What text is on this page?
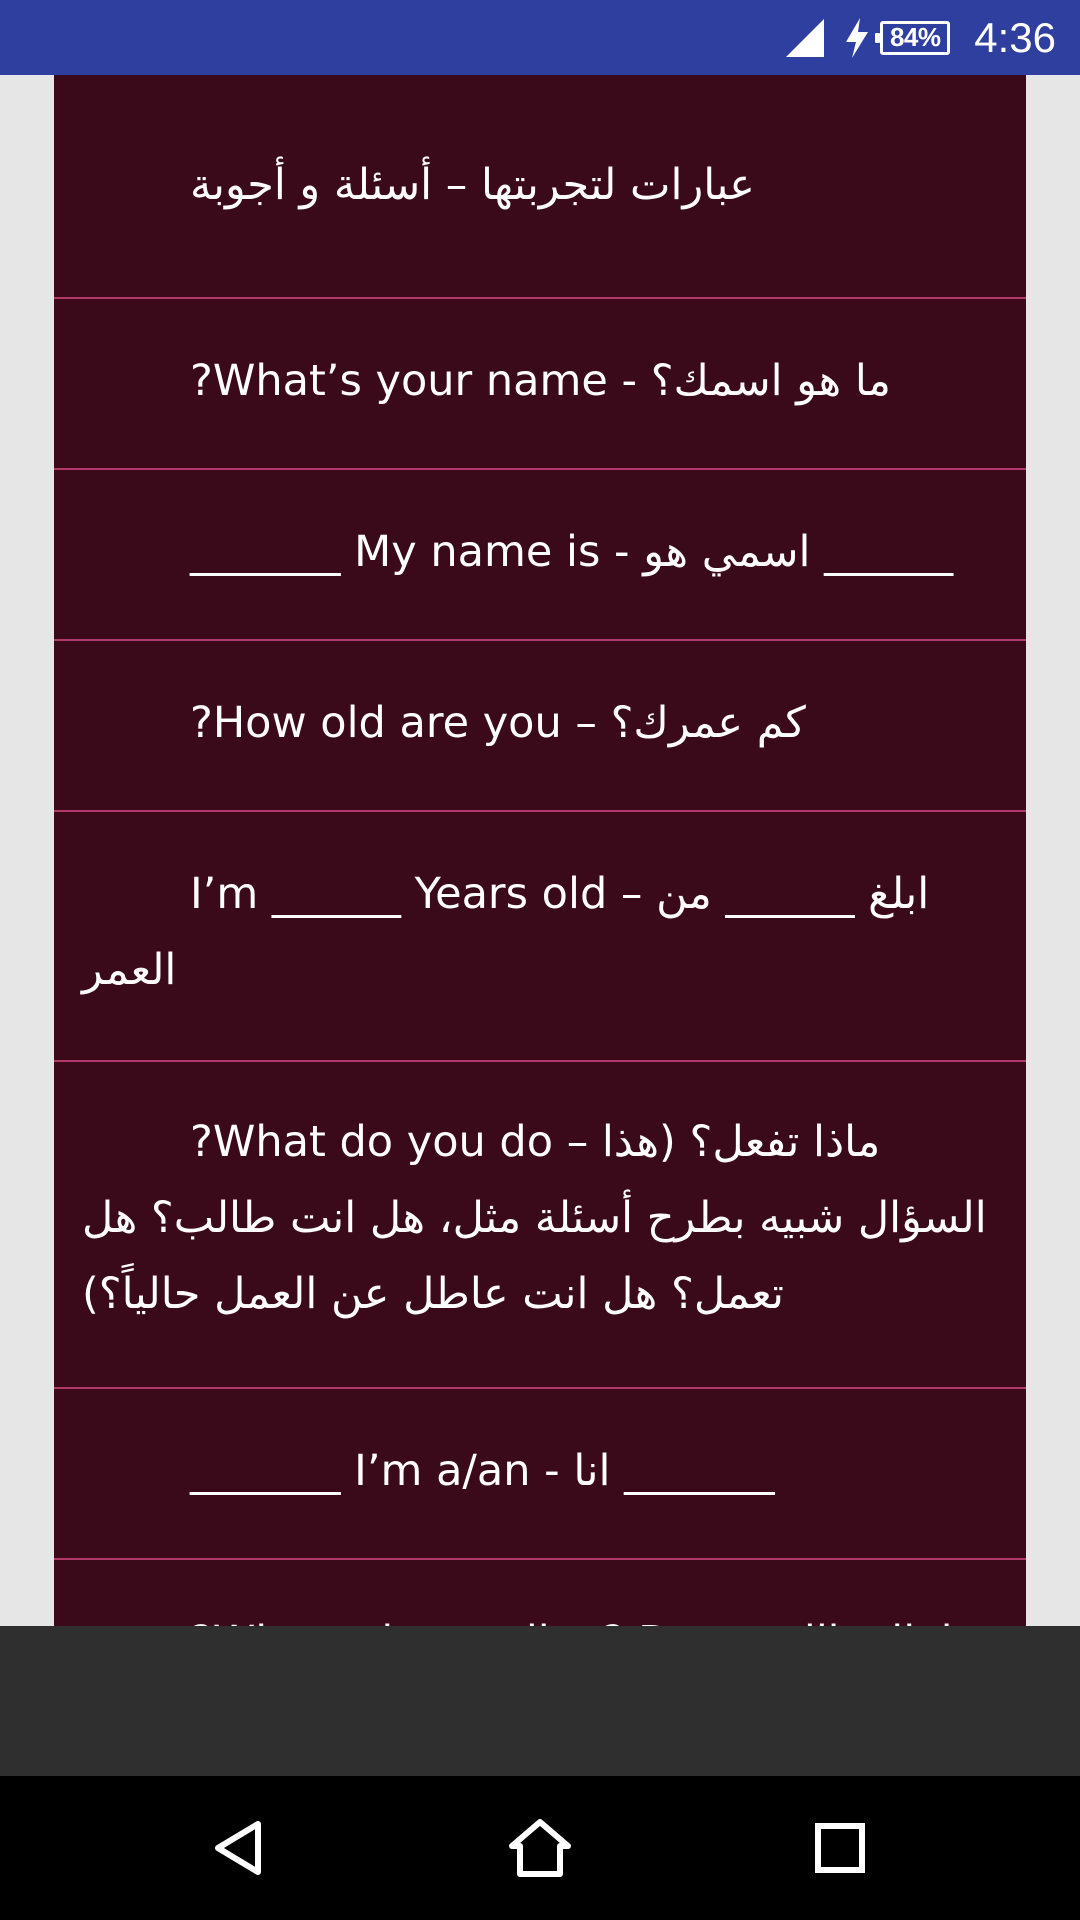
84% 4:36
عبارات لتجربتها – أسئلة و أجوبة
?What’s your name - ما هو اسمك؟
_______ My name is - اسمي هو ______
?How old are you – كم عمرك؟
I’m ______ Years old – ابلغ ______ من العمر
?What do you do – ماذا تفعل؟ (هذا السؤال شبيه بطرح أسئلة مثل، هل انت طالب؟ هل تعمل؟ هل انت عاطل عن العمل حالياً؟)
_______ I’m a/an - انا _______
